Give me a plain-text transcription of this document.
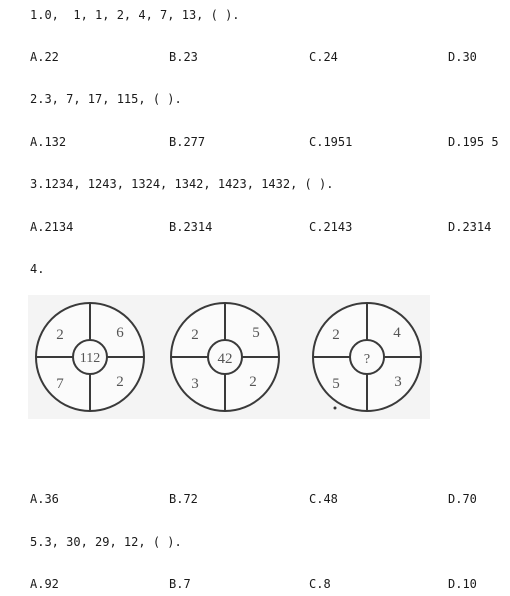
1.0,  1, 1, 2, 4, 7, 13, ( ).
A.22	B.23	C.24	D.30
2.3, 7, 17, 115, ( ).
A.132	B.277	C.1951	D.195 5
3.1234, 1243, 1324, 1342, 1423, 1432, ( ).
A.2134	B.2314	C.2143	D.2314
4.
112
2	6
7	2
42
2	5
3	2
?
2	4
5	3
A.36	B.72	C.48	D.70
5.3, 30, 29, 12, ( ).
A.92	B.7	C.8	D.10
